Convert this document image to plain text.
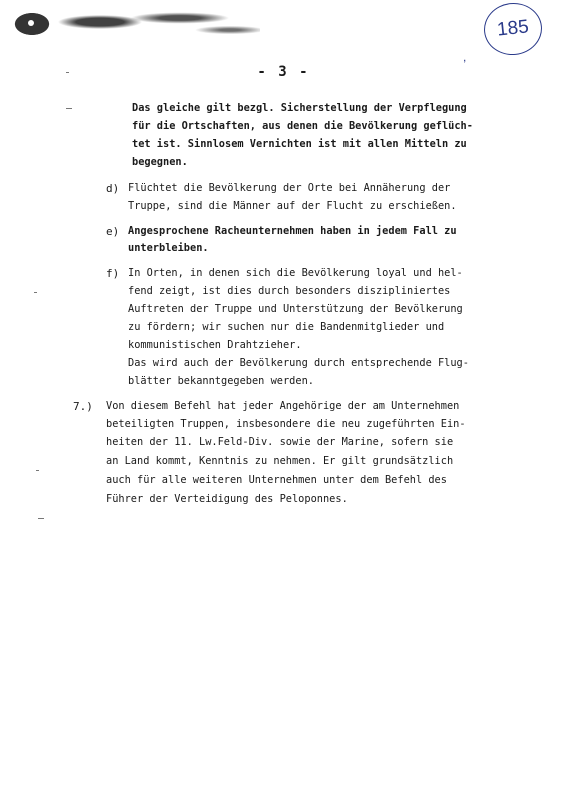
185
,
- 3 -
Das gleiche gilt bezgl. Sicherstellung der Verpflegung
für die Ortschaften, aus denen die Bevölkerung geflüch-
tet ist. Sinnlosem Vernichten ist mit allen Mitteln zu
begegnen.
d) Flüchtet die Bevölkerung der Orte bei Annäherung der
Truppe, sind die Männer auf der Flucht zu erschießen.
e) Angesprochene Racheunternehmen haben in jedem Fall zu
unterbleiben.
f) In Orten, in denen sich die Bevölkerung loyal und hel-
fend zeigt, ist dies durch besonders diszipliniertes
Auftreten der Truppe und Unterstützung der Bevölkerung
zu fördern; wir suchen nur die Bandenmitglieder und
kommunistischen Drahtzieher.
Das wird auch der Bevölkerung durch entsprechende Flug-
blätter bekanntgegeben werden.
7.) Von diesem Befehl hat jeder Angehörige der am Unternehmen
beteiligten Truppen, insbesondere die neu zugeführten Ein-
heiten der 11. Lw.Feld-Div. sowie der Marine, sofern sie
an Land kommt, Kenntnis zu nehmen. Er gilt grundsätzlich
auch für alle weiteren Unternehmen unter dem Befehl des
Führer der Verteidigung des Peloponnes.
